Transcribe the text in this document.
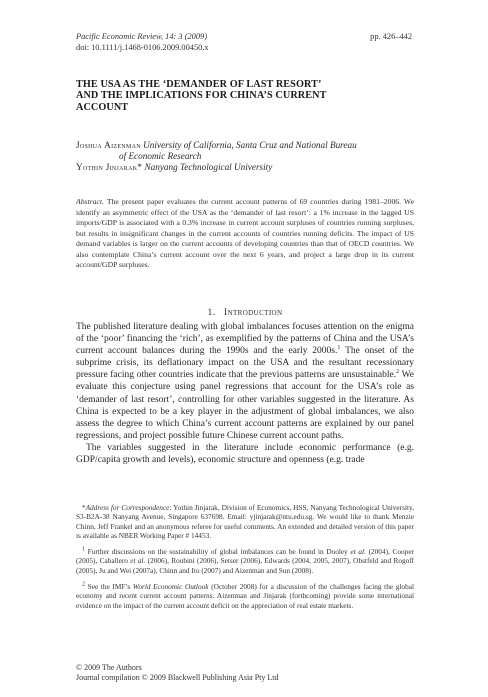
Pacific Economic Review, 14: 3 (2009)	pp. 426–442
doi: 10.1111/j.1468-0106.2009.00450.x
THE USA AS THE ‘DEMANDER OF LAST RESORT’
AND THE IMPLICATIONS FOR CHINA’S CURRENT
ACCOUNT
Joshua Aizenman University of California, Santa Cruz and National Bureau
of Economic Research
Yothin Jinjarak* Nanyang Technological University
Abstract. The present paper evaluates the current account patterns of 69 countries during 1981–2006. We identify an asymmetric effect of the USA as the ‘demander of last resort’: a 1% increase in the lagged US imports/GDP is associated with a 0.3% increase in current account surpluses of countries running surpluses, but results in insignificant changes in the current accounts of countries running deficits. The impact of US demand variables is larger on the current accounts of developing countries than that of OECD countries. We also contemplate China’s current account over the next 6 years, and project a large drop in its current account/GDP surpluses.
1. Introduction

The published literature dealing with global imbalances focuses attention on the enigma of the ‘poor’ financing the ‘rich’, as exemplified by the patterns of China and the USA’s current account balances during the 1990s and the early 2000s.$^1$ The onset of the subprime crisis, its deflationary impact on the USA and the resultant recessionary pressure facing other countries indicate that the previous patterns are unsustainable.$^2$ We evaluate this conjecture using panel regressions that account for the USA’s role as ‘demander of last resort’, controlling for other variables suggested in the literature. As China is expected to be a key player in the adjustment of global imbalances, we also assess the degree to which China’s current account patterns are explained by our panel regressions, and project possible future Chinese current account paths.

The variables suggested in the literature include economic performance (e.g. GDP/capita growth and levels), economic structure and openness (e.g. trade

*Address for Correspondence: Yothin Jinjarak, Division of Economics, HSS, Nanyang Technological University, S3-B2A-38 Nanyang Avenue, Singapore 637698. Email: yjinjarak@ntu.edu.sg. We would like to thank Menzie Chinn, Jeff Frankel and an anonymous referee for useful comments. An extended and detailed version of this paper is available as NBER Working Paper # 14453.

$^1$ Further discussions on the sustainability of global imbalances can be found in Dooley et al. (2004), Cooper (2005), Caballero et al. (2006), Roubini (2006), Setser (2006), Edwards (2004, 2005, 2007), Obstfeld and Rogoff (2005), Ju and Wei (2007a), Chinn and Ito (2007) and Aizenman and Sun (2008).

$^2$ See the IMF’s World Economic Outlook (October 2008) for a discussion of the challenges facing the global economy and recent current account patterns. Aizenman and Jinjarak (forthcoming) provide some international evidence on the impact of the current account deficit on the appreciation of real estate markets.

© 2009 The Authors
Journal compilation © 2009 Blackwell Publishing Asia Pty Ltd
